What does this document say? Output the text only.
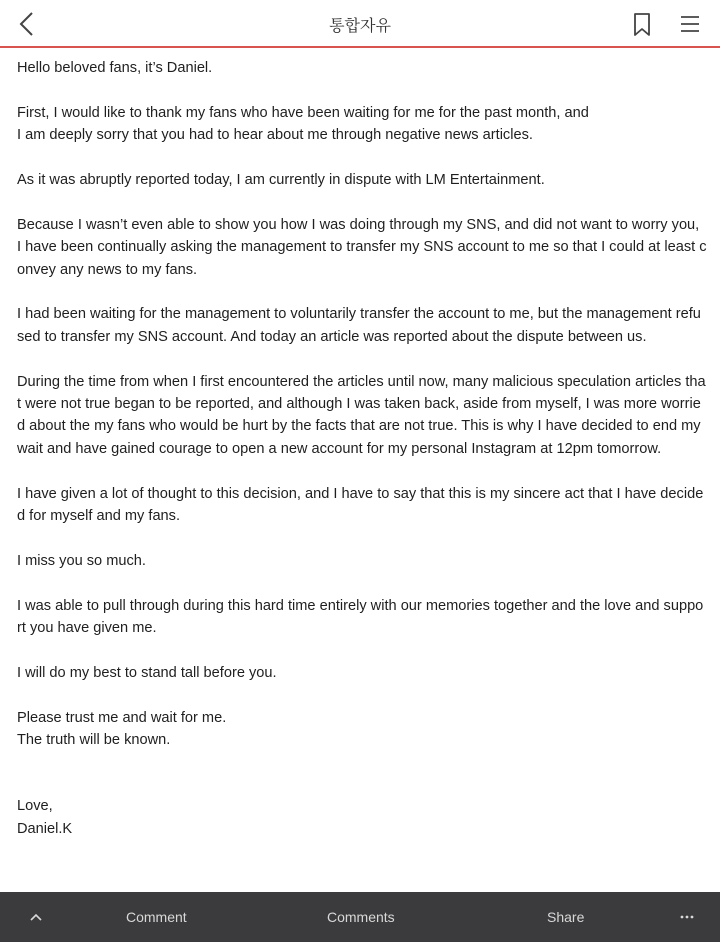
통합자유

Hello beloved fans, it’s Daniel.

First, I would like to thank my fans who have been waiting for me for the past month, and
I am deeply sorry that you had to hear about me through negative news articles.

As it was abruptly reported today, I am currently in dispute with LM Entertainment.

Because I wasn’t even able to show you how I was doing through my SNS, and did not want to worry you, I have been continually asking the management to transfer my SNS account to me so that I could at least convey any news to my fans.

I had been waiting for the management to voluntarily transfer the account to me, but the management refused to transfer my SNS account. And today an article was reported about the dispute between us.

During the time from when I first encountered the articles until now, many malicious speculation articles that were not true began to be reported, and although I was taken back, aside from myself, I was more worried about the my fans who would be hurt by the facts that are not true. This is why I have decided to end my wait and have gained courage to open a new account for my personal Instagram at 12pm tomorrow.

I have given a lot of thought to this decision, and I have to say that this is my sincere act that I have decided for myself and my fans.

I miss you so much.

I was able to pull through during this hard time entirely with our memories together and the love and support you have given me.

I will do my best to stand tall before you.

Please trust me and wait for me.
The truth will be known.

Love,
Daniel.K
Comment	Comments	Share
